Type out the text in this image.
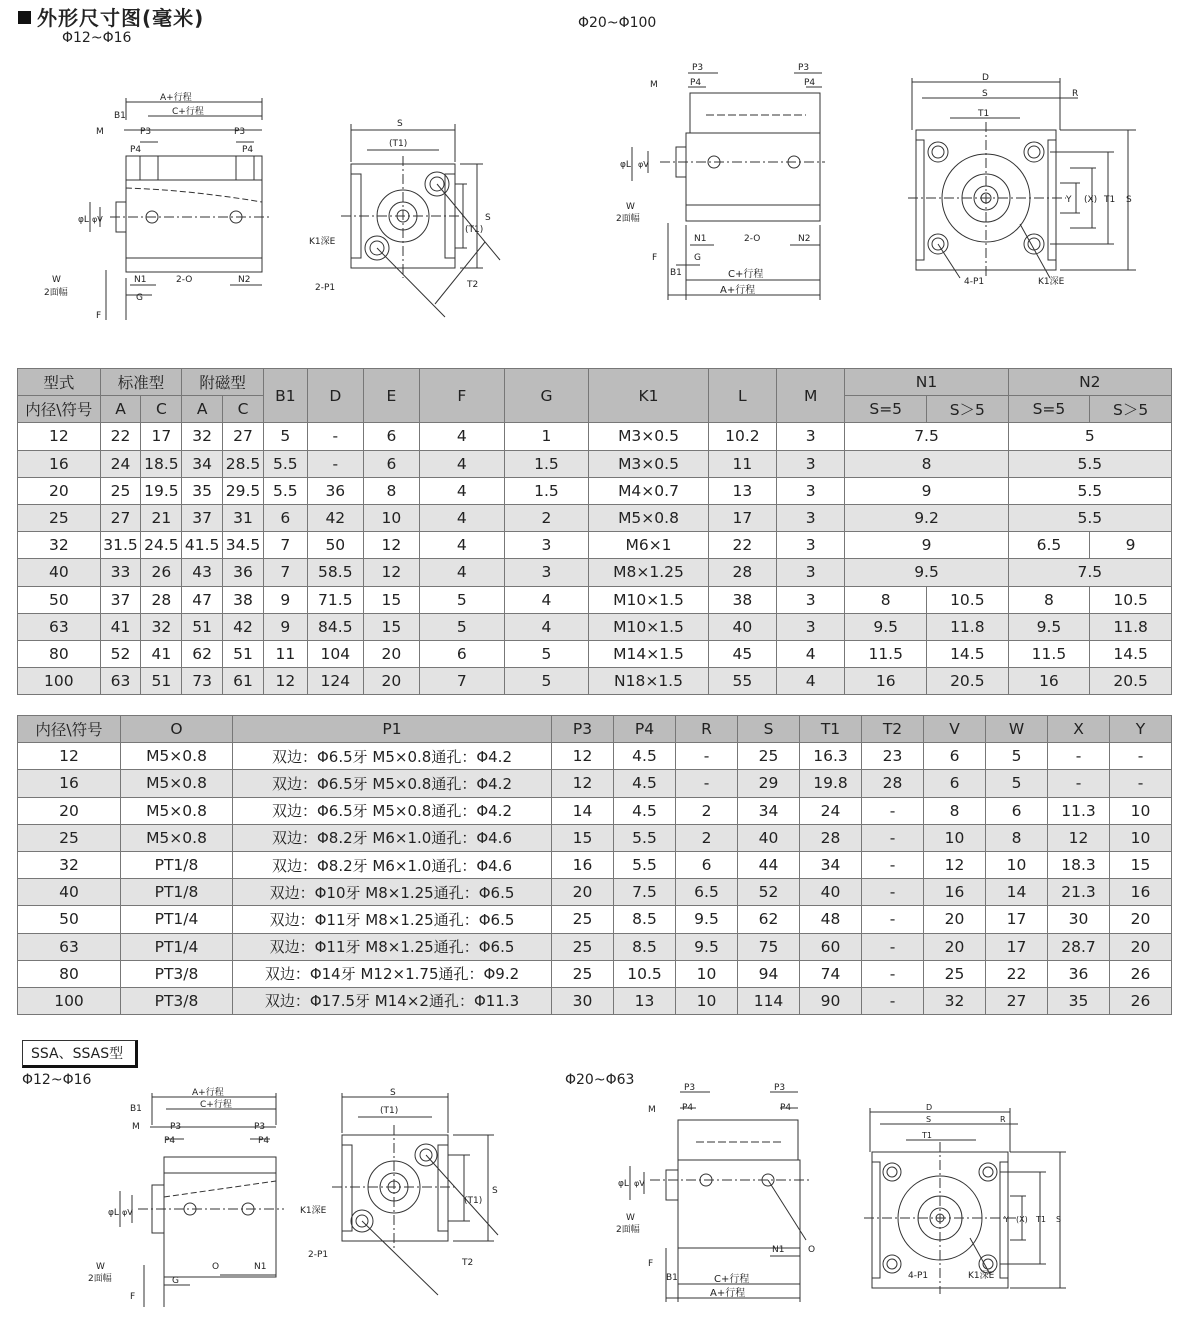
外形尺寸图(毫米)
Φ12~Φ16
Φ20~Φ100
A+行程
C+行程
B1
M	P3	P3
P4	P4
φL φV
W
2面幅
N1	2-O	N2
G
F
S
(T1)
S
(T1)
T2
K1深E
2-P1
M
P3	P3
P4	P4
φL φV
W
2面幅
N1	2-O	N2
G
F
B1	C+行程
A+行程
D
S	R
T1
S
T1
(X)
Y
4-P1	K1深E
型式	标准型		附磁型		B1	D	E	F	G	K1	L	M	N1		N2	
内径\符号	A	C	A	C									S=5	S＞5	S=5	S＞5
12	22	17	32	27	5	-	6	4	1	M3×0.5	10.2	3	7.5		5	
16	24	18.5	34	28.5	5.5	-	6	4	1.5	M3×0.5	11	3	8		5.5	
20	25	19.5	35	29.5	5.5	36	8	4	1.5	M4×0.7	13	3	9		5.5	
25	27	21	37	31	6	42	10	4	2	M5×0.8	17	3	9.2		5.5	
32	31.5	24.5	41.5	34.5	7	50	12	4	3	M6×1	22	3	9		6.5	9
40	33	26	43	36	7	58.5	12	4	3	M8×1.25	28	3	9.5		7.5	
50	37	28	47	38	9	71.5	15	5	4	M10×1.5	38	3	8	10.5	8	10.5
63	41	32	51	42	9	84.5	15	5	4	M10×1.5	40	3	9.5	11.8	9.5	11.8
80	52	41	62	51	11	104	20	6	5	M14×1.5	45	4	11.5	14.5	11.5	14.5
100	63	51	73	61	12	124	20	7	5	N18×1.5	55	4	16	20.5	16	20.5
内径\符号	O	P1	P3	P4	R	S	T1	T2	V	W	X	Y
12	M5×0.8	双边：Φ6.5牙 M5×0.8通孔：Φ4.2	12	4.5	-	25	16.3	23	6	5	-	-
16	M5×0.8	双边：Φ6.5牙 M5×0.8通孔：Φ4.2	12	4.5	-	29	19.8	28	6	5	-	-
20	M5×0.8	双边：Φ6.5牙 M5×0.8通孔：Φ4.2	14	4.5	2	34	24	-	8	6	11.3	10
25	M5×0.8	双边：Φ8.2牙 M6×1.0通孔：Φ4.6	15	5.5	2	40	28	-	10	8	12	10
32	PT1/8	双边：Φ8.2牙 M6×1.0通孔：Φ4.6	16	5.5	6	44	34	-	12	10	18.3	15
40	PT1/8	双边：Φ10牙 M8×1.25通孔：Φ6.5	20	7.5	6.5	52	40	-	16	14	21.3	16
50	PT1/4	双边：Φ11牙 M8×1.25通孔：Φ6.5	25	8.5	9.5	62	48	-	20	17	30	20
63	PT1/4	双边：Φ11牙 M8×1.25通孔：Φ6.5	25	8.5	9.5	75	60	-	20	17	28.7	20
80	PT3/8	双边：Φ14牙 M12×1.75通孔：Φ9.2	25	10.5	10	94	74	-	25	22	36	26
100	PT3/8	双边：Φ17.5牙 M14×2通孔：Φ11.3	30	13	10	114	90	-	32	27	35	26
SSA、SSAS型
Φ12~Φ16	Φ20~Φ63
A+行程
C+行程
B1
M	P3	P3
P4	P4
φL φV
W
2面幅
O	N1
G
F
S
(T1)
S
(T1)
T2
K1深E
2-P1
M
P3	P3
P4	P4
φL φV
W
2面幅
N1	O
F
B1	C+行程
A+行程
D
S	R
T1
S
T1
(X)
Y
4-P1	K1深E
